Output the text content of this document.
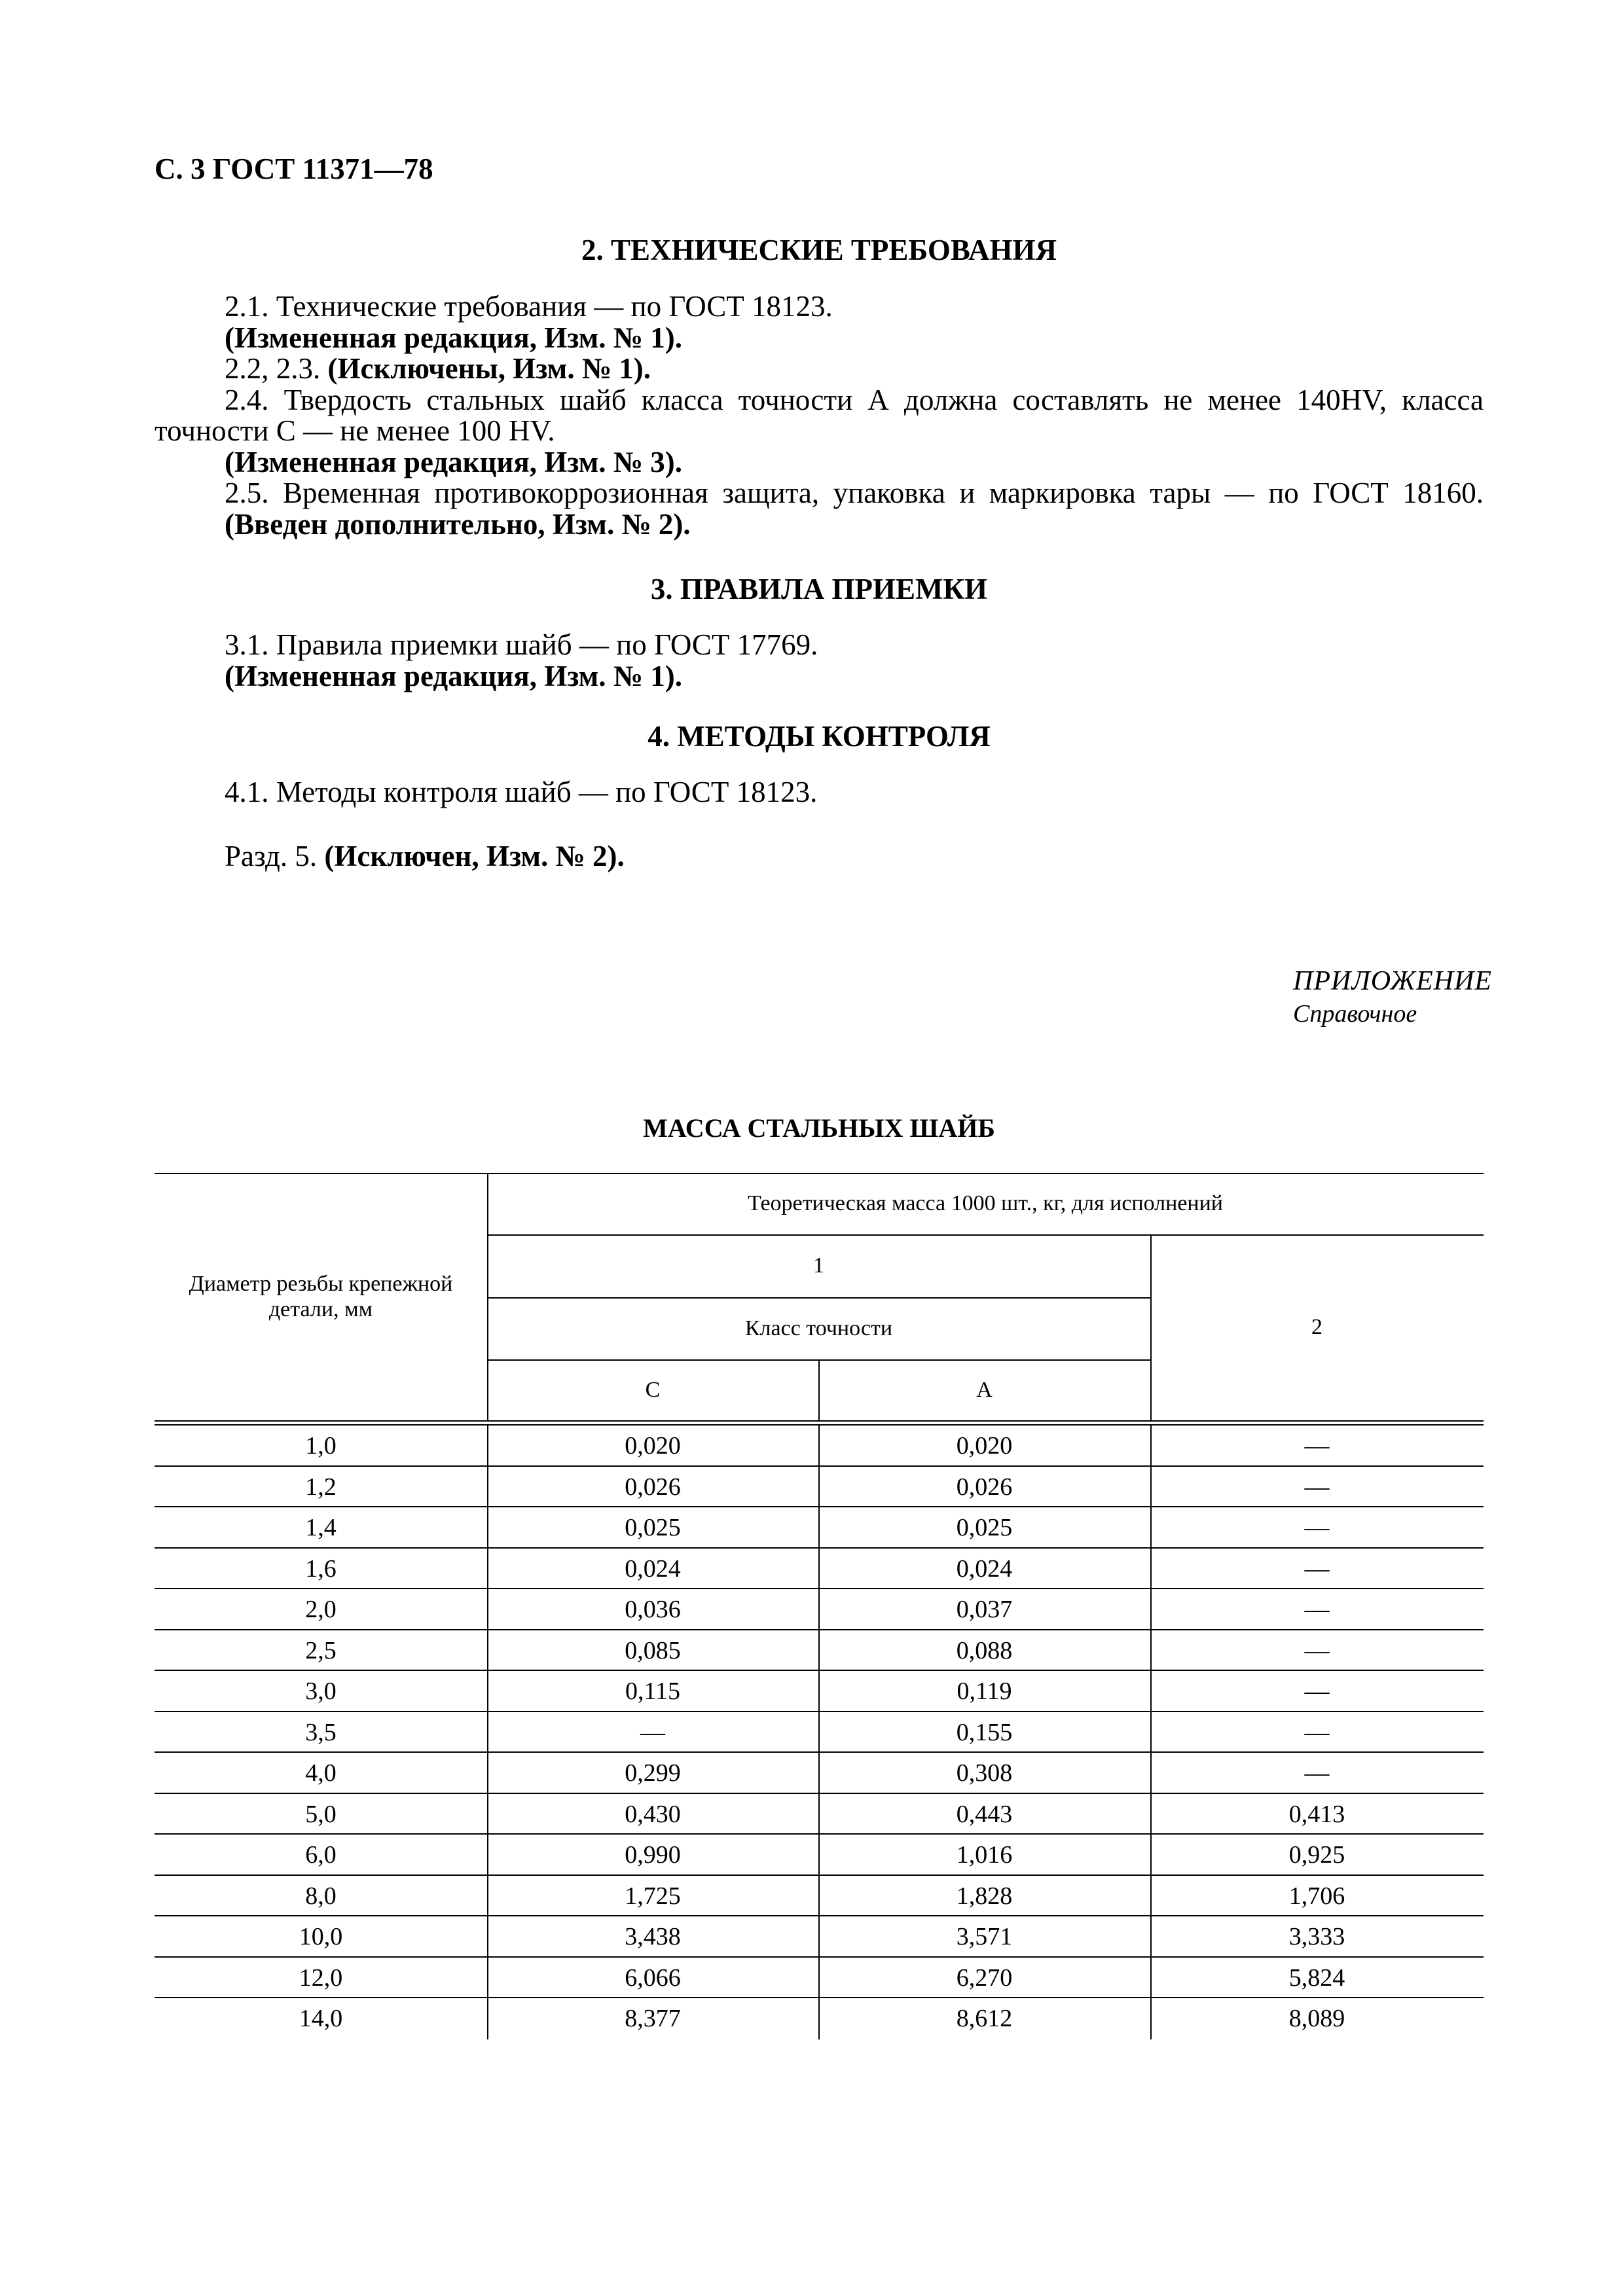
С. 3 ГОСТ 11371—78
2. ТЕХНИЧЕСКИЕ ТРЕБОВАНИЯ
2.1. Технические требования — по ГОСТ 18123.
(Измененная редакция, Изм. № 1).
2.2, 2.3. (Исключены, Изм. № 1).
2.4. Твердость стальных шайб класса точности А должна составлять не менее 140HV, класса
точности С — не менее 100 HV.
(Измененная редакция, Изм. № 3).
2.5. Временная противокоррозионная защита, упаковка и маркировка тары — по ГОСТ 18160.
(Введен дополнительно, Изм. № 2).
3. ПРАВИЛА ПРИЕМКИ
3.1. Правила приемки шайб — по ГОСТ 17769.
(Измененная редакция, Изм. № 1).
4. МЕТОДЫ КОНТРОЛЯ
4.1. Методы контроля шайб — по ГОСТ 18123.
Разд. 5. (Исключен, Изм. № 2).
ПРИЛОЖЕНИЕ
Справочное
МАССА СТАЛЬНЫХ ШАЙБ
Диаметр резьбы крепежной детали, мм
Теоретическая масса 1000 шт., кг, для исполнений
1
2
Класс точности
С	А
1,0	0,020	0,020	—
1,2	0,026	0,026	—
1,4	0,025	0,025	—
1,6	0,024	0,024	—
2,0	0,036	0,037	—
2,5	0,085	0,088	—
3,0	0,115	0,119	—
3,5	—	0,155	—
4,0	0,299	0,308	—
5,0	0,430	0,443	0,413
6,0	0,990	1,016	0,925
8,0	1,725	1,828	1,706
10,0	3,438	3,571	3,333
12,0	6,066	6,270	5,824
14,0	8,377	8,612	8,089
